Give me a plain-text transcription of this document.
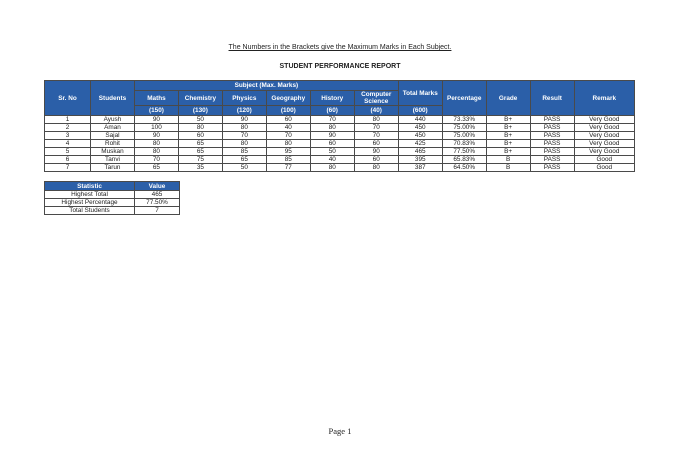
The Numbers in the Brackets give the Maximum Marks in Each Subject.
STUDENT PERFORMANCE REPORT
Sr. No	Students	Subject (Max. Marks)						Total Marks	Percentage	Grade	Result	Remark
		Maths	Chemistry	Physics	Geography	History	Computer Science					
		(150)	(130)	(120)	(100)	(60)	(40)	(600)				
1	Ayush	90	50	90	60	70	80	440	73.33%	B+	PASS	Very Good
2	Aman	100	80	80	40	80	70	450	75.00%	B+	PASS	Very Good
3	Sajal	90	60	70	70	90	70	450	75.00%	B+	PASS	Very Good
4	Rohit	80	65	80	80	60	60	425	70.83%	B+	PASS	Very Good
5	Muskan	80	65	85	95	50	90	465	77.50%	B+	PASS	Very Good
6	Tanvi	70	75	65	85	40	60	395	65.83%	B	PASS	Good
7	Tarun	65	35	50	77	80	80	387	64.50%	B	PASS	Good
Statistic	Value
Highest Total	465
Highest Percentage	77.50%
Total Students	7
Page 1
